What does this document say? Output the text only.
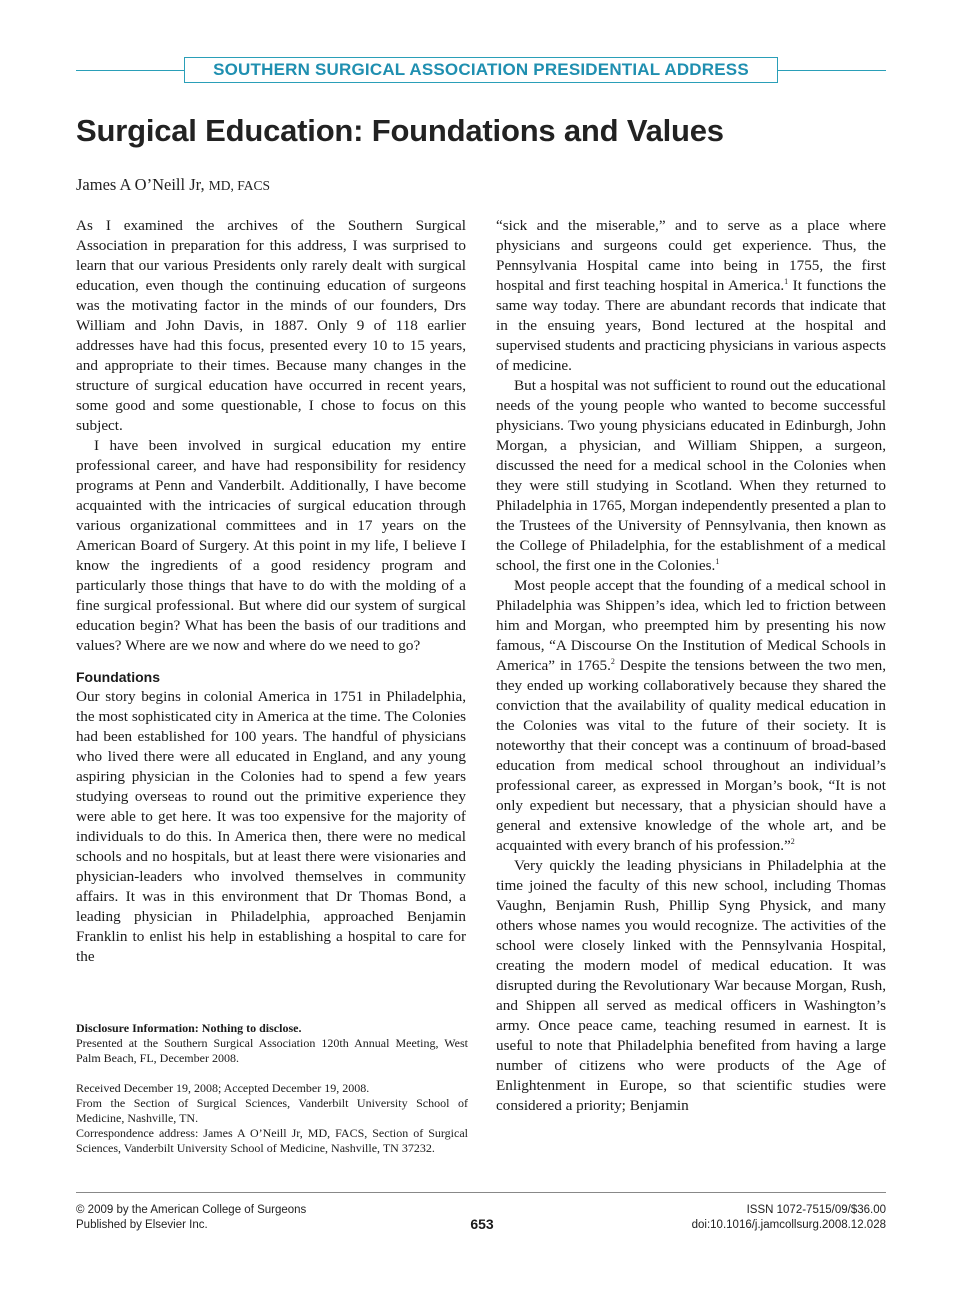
SOUTHERN SURGICAL ASSOCIATION PRESIDENTIAL ADDRESS
Surgical Education: Foundations and Values
James A O’Neill Jr, MD, FACS

As I examined the archives of the Southern Surgical Association in preparation for this address, I was surprised to learn that our various Presidents only rarely dealt with surgical education, even though the continuing education of surgeons was the motivating factor in the minds of our founders, Drs William and John Davis, in 1887. Only 9 of 118 earlier addresses have had this focus, presented every 10 to 15 years, and appropriate to their times. Because many changes in the structure of surgical education have occurred in recent years, some good and some questionable, I chose to focus on this subject.

I have been involved in surgical education my entire professional career, and have had responsibility for residency programs at Penn and Vanderbilt. Additionally, I have become acquainted with the intricacies of surgical education through various organizational committees and in 17 years on the American Board of Surgery. At this point in my life, I believe I know the ingredients of a good residency program and particularly those things that have to do with the molding of a fine surgical professional. But where did our system of surgical education begin? What has been the basis of our traditions and values? Where are we now and where do we need to go?

Foundations

Our story begins in colonial America in 1751 in Philadelphia, the most sophisticated city in America at the time. The Colonies had been established for 100 years. The handful of physicians who lived there were all educated in England, and any young aspiring physician in the Colonies had to spend a few years studying overseas to round out the primitive experience they were able to get here. It was too expensive for the majority of individuals to do this. In America then, there were no medical schools and no hospitals, but at least there were visionaries and physician-leaders who involved themselves in community affairs. It was in this environment that Dr Thomas Bond, a leading physician in Philadelphia, approached Benjamin Franklin to enlist his help in establishing a hospital to care for the

“sick and the miserable,” and to serve as a place where physicians and surgeons could get experience. Thus, the Pennsylvania Hospital came into being in 1755, the first hospital and first teaching hospital in America.$^1$ It functions the same way today. There are abundant records that indicate that in the ensuing years, Bond lectured at the hospital and supervised students and practicing physicians in various aspects of medicine.

But a hospital was not sufficient to round out the educational needs of the young people who wanted to become successful physicians. Two young physicians educated in Edinburgh, John Morgan, a physician, and William Shippen, a surgeon, discussed the need for a medical school in the Colonies when they were still studying in Scotland. When they returned to Philadelphia in 1765, Morgan independently presented a plan to the Trustees of the University of Pennsylvania, then known as the College of Philadelphia, for the establishment of a medical school, the first one in the Colonies.$^1$

Most people accept that the founding of a medical school in Philadelphia was Shippen’s idea, which led to friction between him and Morgan, who preempted him by presenting his now famous, “A Discourse On the Institution of Medical Schools in America” in 1765.$^2$ Despite the tensions between the two men, they ended up working collaboratively because they shared the conviction that the availability of quality medical education in the Colonies was vital to the future of their society. It is noteworthy that their concept was a continuum of broad-based education from medical school throughout an individual’s professional career, as expressed in Morgan’s book, “It is not only expedient but necessary, that a physician should have a general and extensive knowledge of the whole art, and be acquainted with every branch of his profession.”$^2$

Very quickly the leading physicians in Philadelphia at the time joined the faculty of this new school, including Thomas Vaughn, Benjamin Rush, Phillip Syng Physick, and many others whose names you would recognize. The activities of the school were closely linked with the Pennsylvania Hospital, creating the modern model of medical education. It was disrupted during the Revolutionary War because Morgan, Rush, and Shippen all served as medical officers in Washington’s army. Once peace came, teaching resumed in earnest. It is useful to note that Philadelphia benefited from having a large number of citizens who were products of the Age of Enlightenment in Europe, so that scientific studies were considered a priority; Benjamin

Disclosure Information: Nothing to disclose.
Presented at the Southern Surgical Association 120th Annual Meeting, West Palm Beach, FL, December 2008.
Received December 19, 2008; Accepted December 19, 2008.
From the Section of Surgical Sciences, Vanderbilt University School of Medicine, Nashville, TN.
Correspondence address: James A O’Neill Jr, MD, FACS, Section of Surgical Sciences, Vanderbilt University School of Medicine, Nashville, TN 37232.
© 2009 by the American College of Surgeons
Published by Elsevier Inc.	653
ISSN 1072-7515/09/$36.00
doi:10.1016/j.jamcollsurg.2008.12.028
